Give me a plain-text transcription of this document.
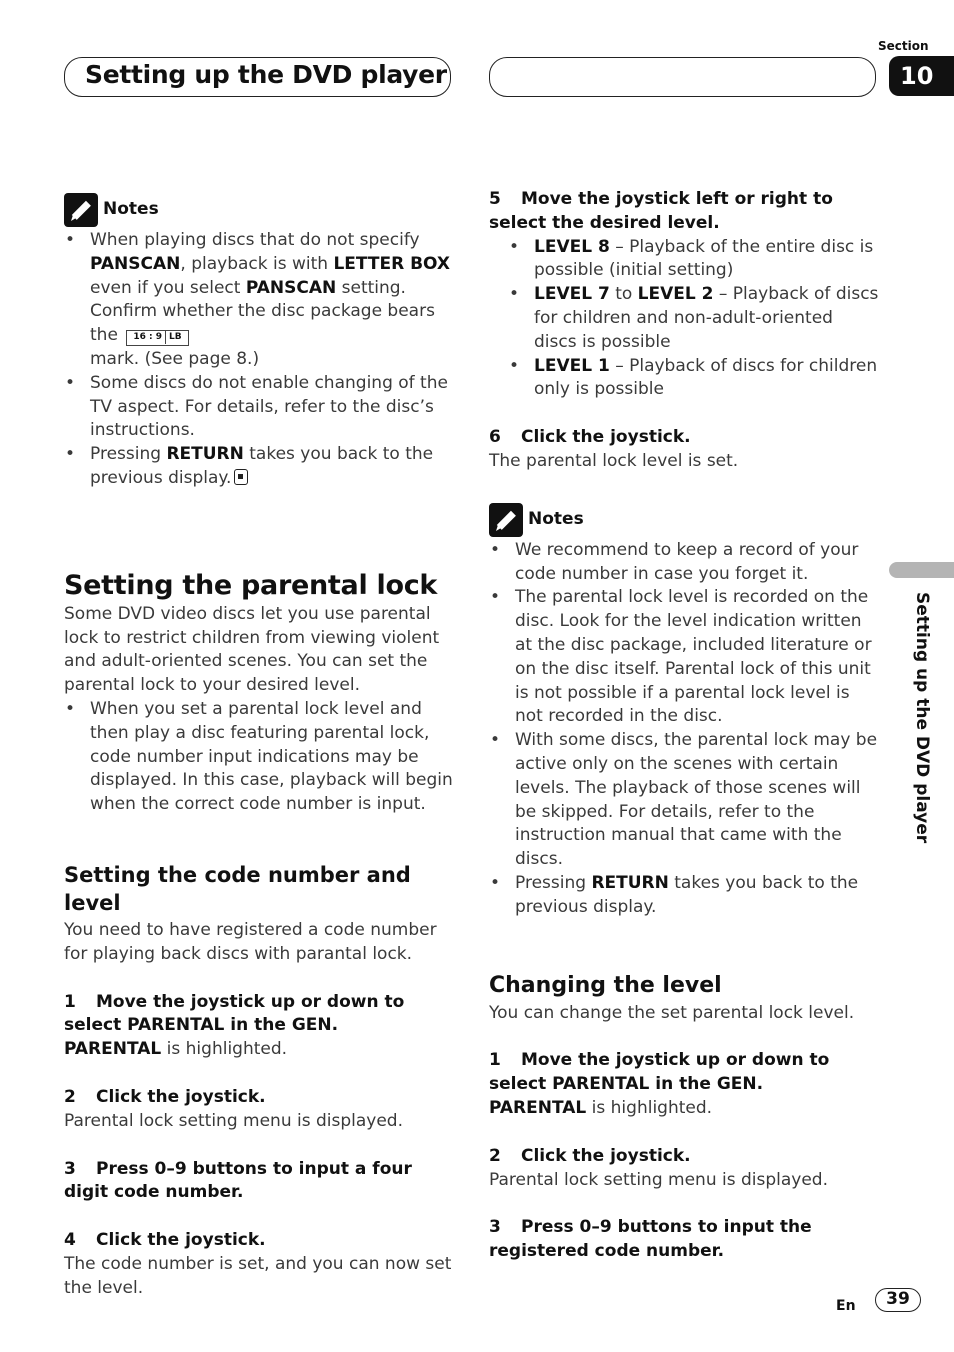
Setting up the DVD player
Section
10
Setting up the DVD player
Notes
• When playing discs that do not specify PANSCAN, playback is with LETTER BOX even if you select PANSCAN setting. Confirm whether the disc package bears the 16 : 9 LB
mark. (See page 8.)
• Some discs do not enable changing of the TV aspect. For details, refer to the disc’s instructions.
• Pressing RETURN takes you back to the previous display.
Setting the parental lock

Some DVD video discs let you use parental lock to restrict children from viewing violent and adult-oriented scenes. You can set the parental lock to your desired level.

• When you set a parental lock level and then play a disc featuring parental lock, code number input indications may be displayed. In this case, playback will begin when the correct code number is input.
Setting the code number and level

You need to have registered a code number for playing back discs with parantal lock.

1 Move the joystick up or down to select PARENTAL in the GEN.
PARENTAL is highlighted.
2 Click the joystick.
Parental lock setting menu is displayed.
3 Press 0–9 buttons to input a four digit code number.
4 Click the joystick.
The code number is set, and you can now set the level.
5 Move the joystick left or right to select the desired level.
• LEVEL 8 – Playback of the entire disc is possible (initial setting)
• LEVEL 7 to LEVEL 2 – Playback of discs for children and non-adult-oriented discs is possible
• LEVEL 1 – Playback of discs for children only is possible
6 Click the joystick.
The parental lock level is set.
Notes
• We recommend to keep a record of your code number in case you forget it.
• The parental lock level is recorded on the disc. Look for the level indication written at the disc package, included literature or on the disc itself. Parental lock of this unit is not possible if a parental lock level is not recorded in the disc.
• With some discs, the parental lock may be active only on the scenes with certain levels. The playback of those scenes will be skipped. For details, refer to the instruction manual that came with the discs.
• Pressing RETURN takes you back to the previous display.
Changing the level

You can change the set parental lock level.

1 Move the joystick up or down to select PARENTAL in the GEN.
PARENTAL is highlighted.
2 Click the joystick.
Parental lock setting menu is displayed.
3 Press 0–9 buttons to input the registered code number.
En	39
